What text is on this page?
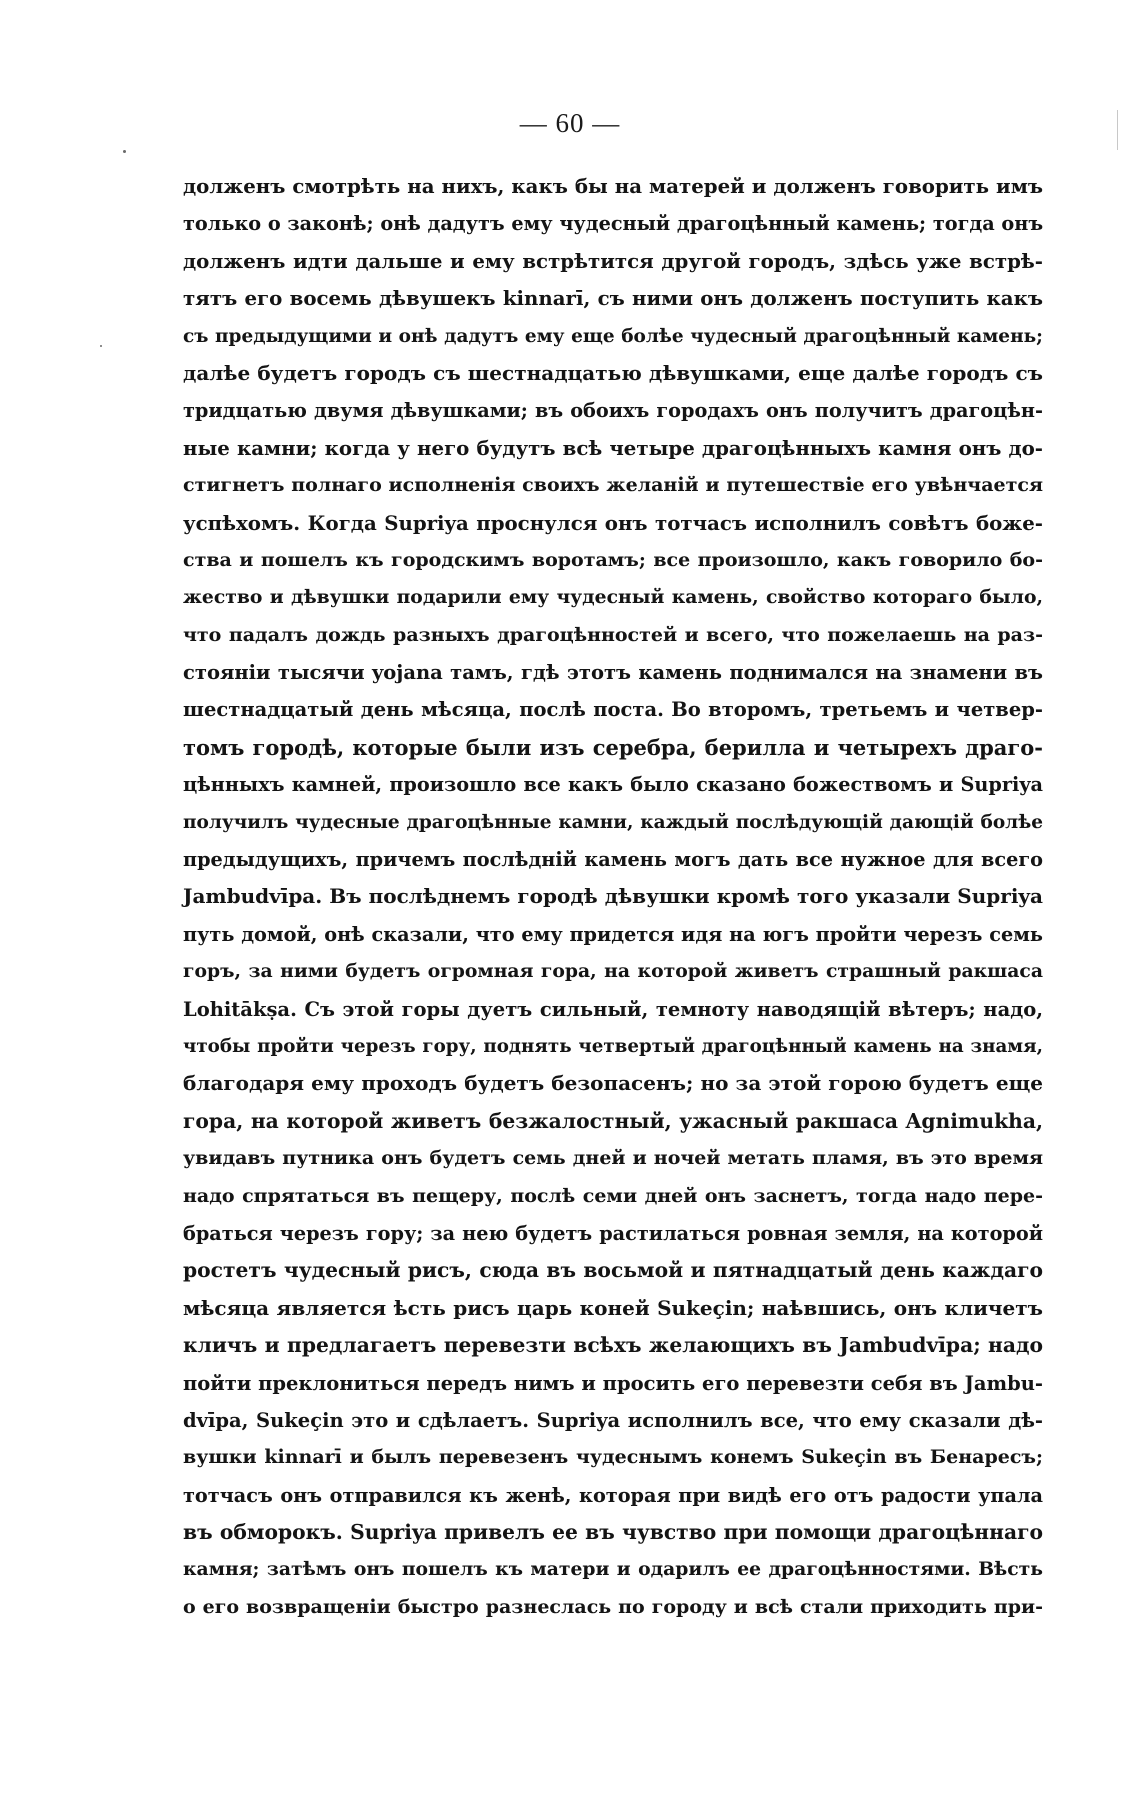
— 60 —
долженъ смотрѣть на нихъ, какъ бы на матерей и долженъ говорить имъ
только о законѣ; онѣ дадутъ ему чудесный драгоцѣнный камень; тогда онъ
долженъ идти дальше и ему встрѣтится другой городъ, здѣсь уже встрѣ-
тятъ его восемь дѣвушекъ kinnarī, съ ними онъ долженъ поступить какъ
съ предыдущими и онѣ дадутъ ему еще болѣе чудесный драгоцѣнный камень;
далѣе будетъ городъ съ шестнадцатью дѣвушками, еще далѣе городъ съ
тридцатью двумя дѣвушками; въ обоихъ городахъ онъ получитъ драгоцѣн-
ные камни; когда у него будутъ всѣ четыре драгоцѣнныхъ камня онъ до-
стигнетъ полнаго исполненія своихъ желаній и путешествіе его увѣнчается
успѣхомъ. Когда Supriya проснулся онъ тотчасъ исполнилъ совѣтъ боже-
ства и пошелъ къ городскимъ воротамъ; все произошло, какъ говорило бо-
жество и дѣвушки подарили ему чудесный камень, свойство котораго было,
что падалъ дождь разныхъ драгоцѣнностей и всего, что пожелаешь на раз-
стояніи тысячи yojana тамъ, гдѣ этотъ камень поднимался на знамени въ
шестнадцатый день мѣсяца, послѣ поста. Во второмъ, третьемъ и четвер-
томъ городѣ, которые были изъ серебра, берилла и четырехъ драго-
цѣнныхъ камней, произошло все какъ было сказано божествомъ и Supriya
получилъ чудесные драгоцѣнные камни, каждый послѣдующій дающій болѣе
предыдущихъ, причемъ послѣдній камень могъ дать все нужное для всего
Jambudvīpa. Въ послѣднемъ городѣ дѣвушки кромѣ того указали Supriya
путь домой, онѣ сказали, что ему придется идя на югъ пройти черезъ семь
горъ, за ними будетъ огромная гора, на которой живетъ страшный ракшаса
Lohitākṣa. Съ этой горы дуетъ сильный, темноту наводящій вѣтеръ; надо,
чтобы пройти черезъ гору, поднять четвертый драгоцѣнный камень на знамя,
благодаря ему проходъ будетъ безопасенъ; но за этой горою будетъ еще
гора, на которой живетъ безжалостный, ужасный ракшаса Agnimukha,
увидавъ путника онъ будетъ семь дней и ночей метать пламя, въ это время
надо спрятаться въ пещеру, послѣ семи дней онъ заснетъ, тогда надо пере-
браться черезъ гору; за нею будетъ растилаться ровная земля, на которой
ростетъ чудесный рисъ, сюда въ восьмой и пятнадцатый день каждаго
мѣсяца является ѣсть рисъ царь коней Sukeçin; наѣвшись, онъ кличетъ
кличъ и предлагаетъ перевезти всѣхъ желающихъ въ Jambudvīpa; надо
пойти преклониться передъ нимъ и просить его перевезти себя въ Jambu-
dvīpa, Sukeçin это и сдѣлаетъ. Supriya исполнилъ все, что ему сказали дѣ-
вушки kinnarī и былъ перевезенъ чудеснымъ конемъ Sukeçin въ Бенаресъ;
тотчасъ онъ отправился къ женѣ, которая при видѣ его отъ радости упала
въ обморокъ. Supriya привелъ ее въ чувство при помощи драгоцѣннаго
камня; затѣмъ онъ пошелъ къ матери и одарилъ ее драгоцѣнностями. Вѣсть
о его возвращеніи быстро разнеслась по городу и всѣ стали приходить при-
